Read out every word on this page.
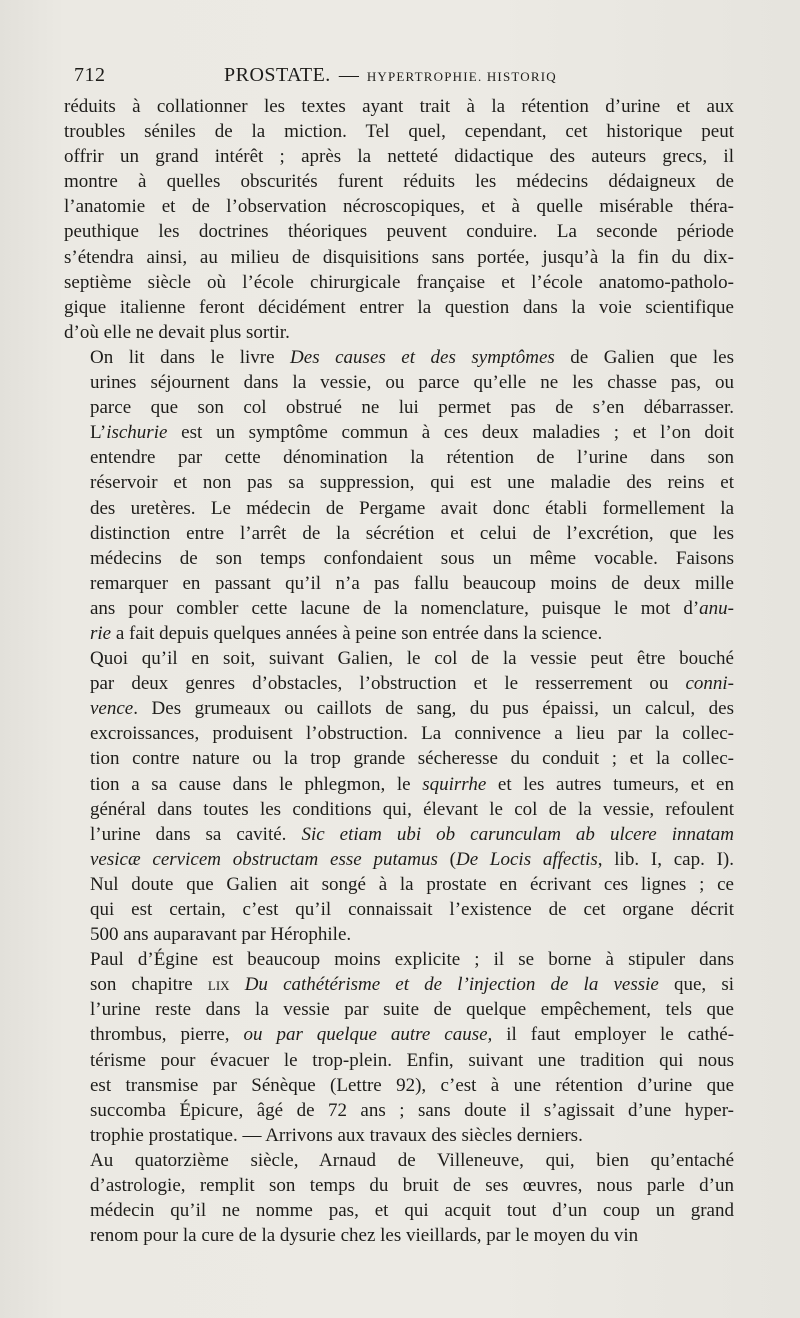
712	PROSTATE. — HYPERTROPHIE. HISTORIQ

réduits à collationner les textes ayant trait à la rétention d’urine et aux
troubles séniles de la miction. Tel quel, cependant, cet historique peut
offrir un grand intérêt ; après la netteté didactique des auteurs grecs, il
montre à quelles obscurités furent réduits les médecins dédaigneux de
l’anatomie et de l’observation nécroscopiques, et à quelle misérable théra-
peuthique les doctrines théoriques peuvent conduire. La seconde période
s’étendra ainsi, au milieu de disquisitions sans portée, jusqu’à la fin du dix-
septième siècle où l’école chirurgicale française et l’école anatomo-patholo-
gique italienne feront décidément entrer la question dans la voie scientifique
d’où elle ne devait plus sortir.

On lit dans le livre Des causes et des symptômes de Galien que les
urines séjournent dans la vessie, ou parce qu’elle ne les chasse pas, ou
parce que son col obstrué ne lui permet pas de s’en débarrasser.
L’ischurie est un symptôme commun à ces deux maladies ; et l’on doit
entendre par cette dénomination la rétention de l’urine dans son
réservoir et non pas sa suppression, qui est une maladie des reins et
des uretères. Le médecin de Pergame avait donc établi formellement la
distinction entre l’arrêt de la sécrétion et celui de l’excrétion, que les
médecins de son temps confondaient sous un même vocable. Faisons
remarquer en passant qu’il n’a pas fallu beaucoup moins de deux mille
ans pour combler cette lacune de la nomenclature, puisque le mot d’anu-
rie a fait depuis quelques années à peine son entrée dans la science.

Quoi qu’il en soit, suivant Galien, le col de la vessie peut être bouché
par deux genres d’obstacles, l’obstruction et le resserrement ou conni-
vence. Des grumeaux ou caillots de sang, du pus épaissi, un calcul, des
excroissances, produisent l’obstruction. La connivence a lieu par la collec-
tion contre nature ou la trop grande sécheresse du conduit ; et la collec-
tion a sa cause dans le phlegmon, le squirrhe et les autres tumeurs, et en
général dans toutes les conditions qui, élevant le col de la vessie, refoulent
l’urine dans sa cavité. Sic etiam ubi ob carunculam ab ulcere innatam
vesicæ cervicem obstructam esse putamus (De Locis affectis, lib. I, cap. I).
Nul doute que Galien ait songé à la prostate en écrivant ces lignes ; ce
qui est certain, c’est qu’il connaissait l’existence de cet organe décrit
500 ans auparavant par Hérophile.

Paul d’Égine est beaucoup moins explicite ; il se borne à stipuler dans
son chapitre lix Du cathétérisme et de l’injection de la vessie que, si
l’urine reste dans la vessie par suite de quelque empêchement, tels que
thrombus, pierre, ou par quelque autre cause, il faut employer le cathé-
térisme pour évacuer le trop-plein. Enfin, suivant une tradition qui nous
est transmise par Sénèque (Lettre 92), c’est à une rétention d’urine que
succomba Épicure, âgé de 72 ans ; sans doute il s’agissait d’une hyper-
trophie prostatique. — Arrivons aux travaux des siècles derniers.

Au quatorzième siècle, Arnaud de Villeneuve, qui, bien qu’entaché
d’astrologie, remplit son temps du bruit de ses œuvres, nous parle d’un
médecin qu’il ne nomme pas, et qui acquit tout d’un coup un grand
renom pour la cure de la dysurie chez les vieillards, par le moyen du vin
